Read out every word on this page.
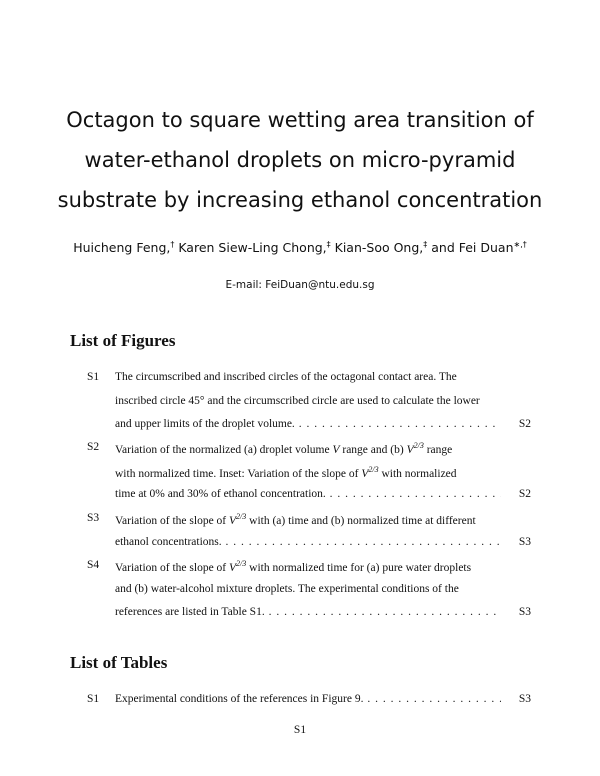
Octagon to square wetting area transition of
water-ethanol droplets on micro-pyramid
substrate by increasing ethanol concentration
Huicheng Feng,† Karen Siew-Ling Chong,‡ Kian-Soo Ong,‡ and Fei Duan∗,†
E-mail: FeiDuan@ntu.edu.sg
List of Figures
S1 The circumscribed and inscribed circles of the octagonal contact area. The
inscribed circle 45° and the circumscribed circle are used to calculate the lower
and upper limits of the droplet volume. . . .	S2
S2 Variation of the normalized (a) droplet volume V range and (b) $V^{2/3}$ range
with normalized time. Inset: Variation of the slope of $V^{2/3}$ with normalized
time at 0% and 30% of ethanol concentration. . . .	S2
S3 Variation of the slope of $V^{2/3}$ with (a) time and (b) normalized time at different
ethanol concentrations. . . .	S3
S4 Variation of the slope of $V^{2/3}$ with normalized time for (a) pure water droplets
and (b) water-alcohol mixture droplets. The experimental conditions of the
references are listed in Table S1. . . .	S3
List of Tables
S1 Experimental conditions of the references in Figure 9. . . .	S3
S1
